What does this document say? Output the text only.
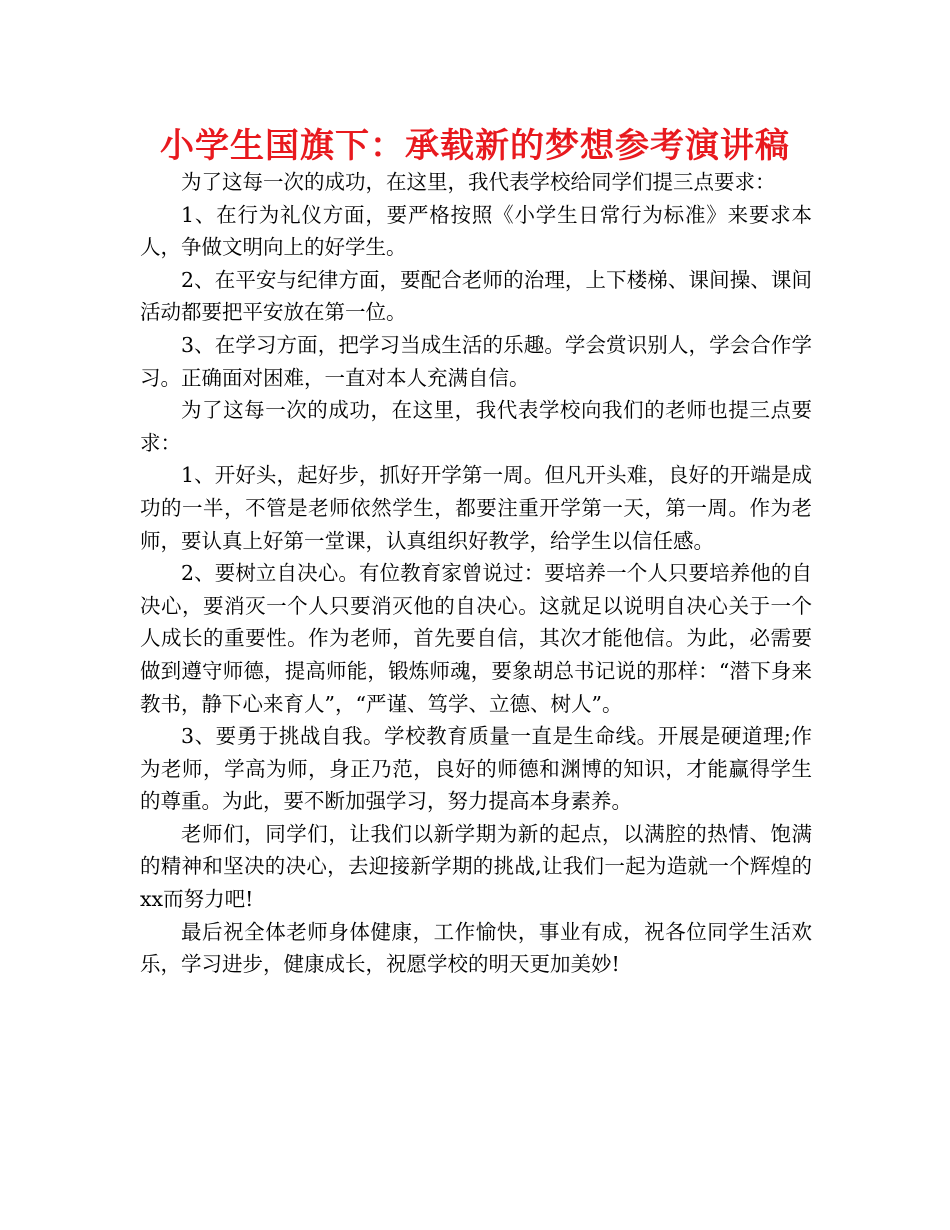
小学生国旗下：承载新的梦想参考演讲稿

为了这每一次的成功，在这里，我代表学校给同学们提三点要求：

1、在行为礼仪方面，要严格按照《小学生日常行为标准》来要求本人，争做文明向上的好学生。

2、在平安与纪律方面，要配合老师的治理，上下楼梯、课间操、课间活动都要把平安放在第一位。

3、在学习方面，把学习当成生活的乐趣。学会赏识别人，学会合作学习。正确面对困难，一直对本人充满自信。

为了这每一次的成功，在这里，我代表学校向我们的老师也提三点要求：

1、开好头，起好步，抓好开学第一周。但凡开头难，良好的开端是成功的一半，不管是老师依然学生，都要注重开学第一天，第一周。作为老师，要认真上好第一堂课，认真组织好教学，给学生以信任感。

2、要树立自决心。有位教育家曾说过：要培养一个人只要培养他的自决心，要消灭一个人只要消灭他的自决心。这就足以说明自决心关于一个人成长的重要性。作为老师，首先要自信，其次才能他信。为此，必需要做到遵守师德，提高师能，锻炼师魂，要象胡总书记说的那样：“潜下身来教书，静下心来育人”，“严谨、笃学、立德、树人”。

3、要勇于挑战自我。学校教育质量一直是生命线。开展是硬道理;作为老师，学高为师，身正乃范，良好的师德和渊博的知识，才能赢得学生的尊重。为此，要不断加强学习，努力提高本身素养。

老师们，同学们，让我们以新学期为新的起点，以满腔的热情、饱满的精神和坚决的决心，去迎接新学期的挑战,让我们一起为造就一个辉煌的xx而努力吧!

最后祝全体老师身体健康，工作愉快，事业有成，祝各位同学生活欢乐，学习进步，健康成长，祝愿学校的明天更加美妙!
